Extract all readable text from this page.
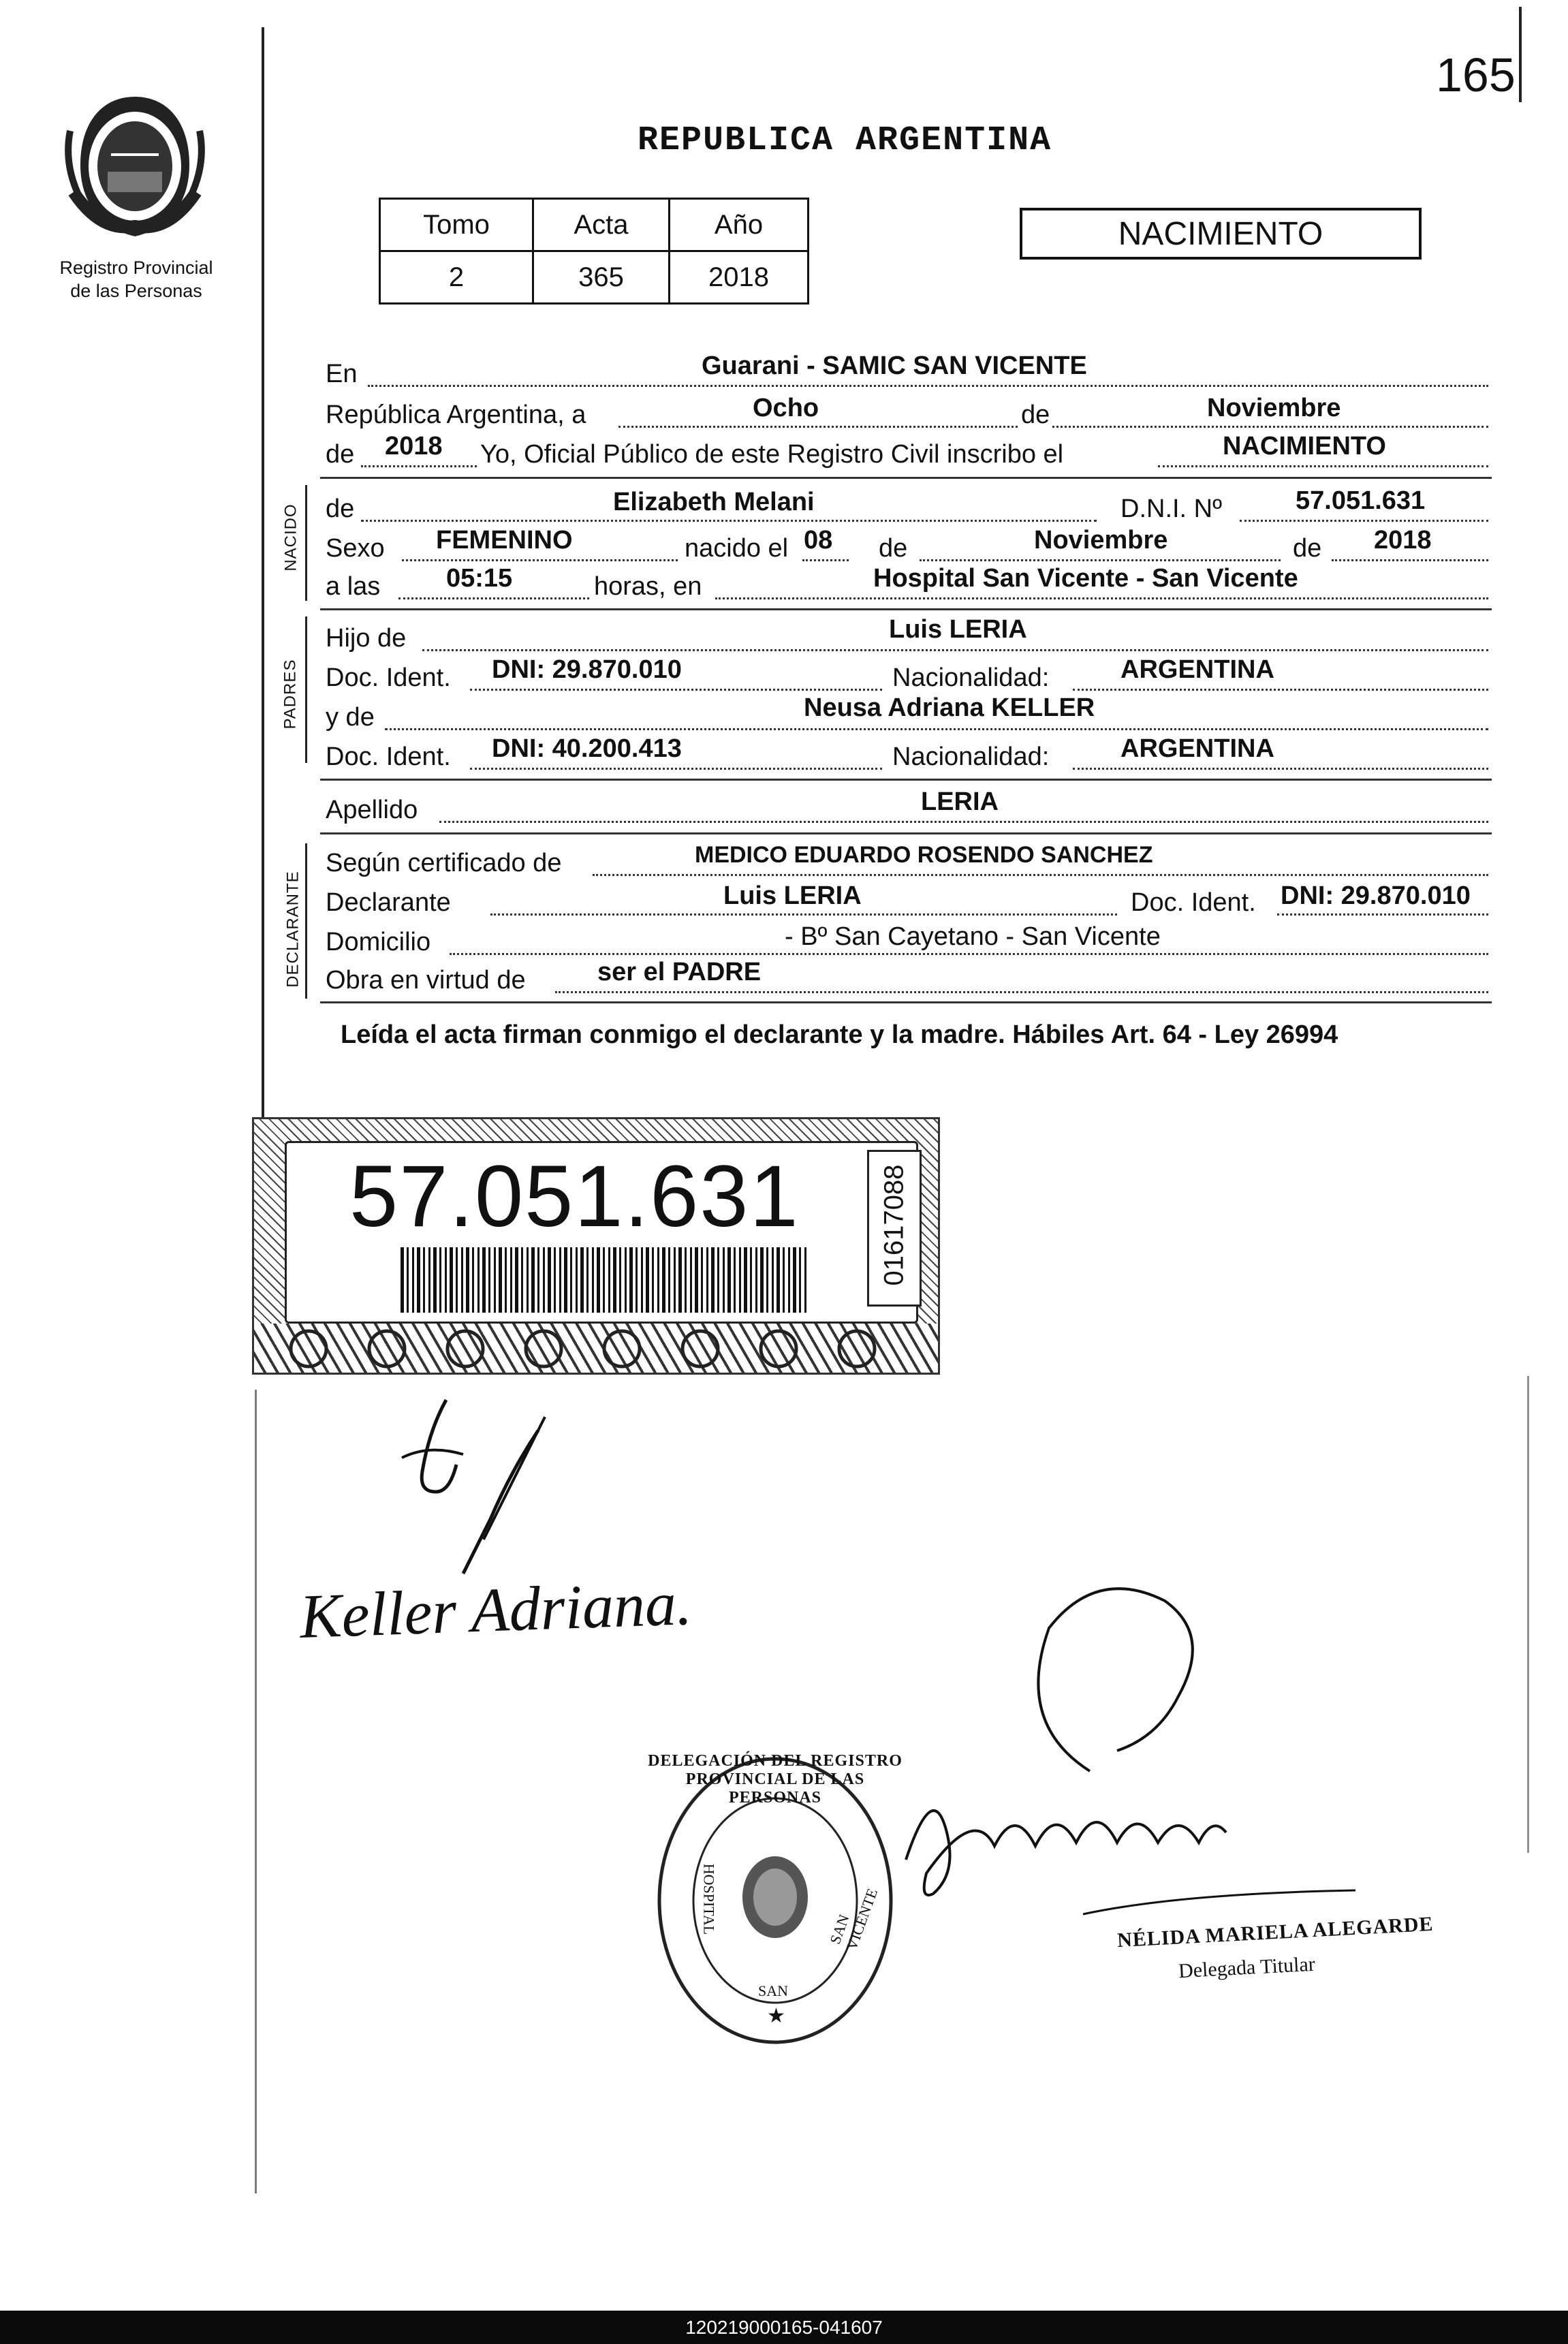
165
Registro Provincial
de las Personas
REPUBLICA ARGENTINA
Tomo	Acta	Año
2	365	2018
NACIMIENTO
En	Guarani - SAMIC SAN VICENTE
República Argentina, a	Ocho	de	Noviembre
de 2018 Yo, Oficial Público de este Registro Civil inscribo el	NACIMIENTO
NACIDO de	Elizabeth Melani	D.N.I. Nº	57.051.631
Sexo FEMENINO	nacido el 08 de	Noviembre	de 2018
a las	05:15	horas, en	Hospital San Vicente - San Vicente
PADRES
Hijo de	Luis LERIA
Doc. Ident. DNI: 29.870.010	Nacionalidad:	ARGENTINA
y de	Neusa Adriana KELLER
Doc. Ident. DNI: 40.200.413	Nacionalidad:	ARGENTINA
Apellido	LERIA
DECLARANTE
Según certificado de	MEDICO EDUARDO ROSENDO SANCHEZ
Declarante	Luis LERIA	Doc. Ident. DNI: 29.870.010
Domicilio	- Bº San Cayetano - San Vicente
Obra en virtud de	ser el PADRE
Leída el acta firman conmigo el declarante y la madre. Hábiles Art. 64 - Ley 26994
57.051.631	01617088
Keller Adriana.
DELEGACIÓN DEL REGISTRO PROVINCIAL DE LAS PERSONAS
HOSPITAL	SAN VICENTE
SAN
★
NÉLIDA MARIELA ALEGARDE
Delegada Titular
120219000165-041607
